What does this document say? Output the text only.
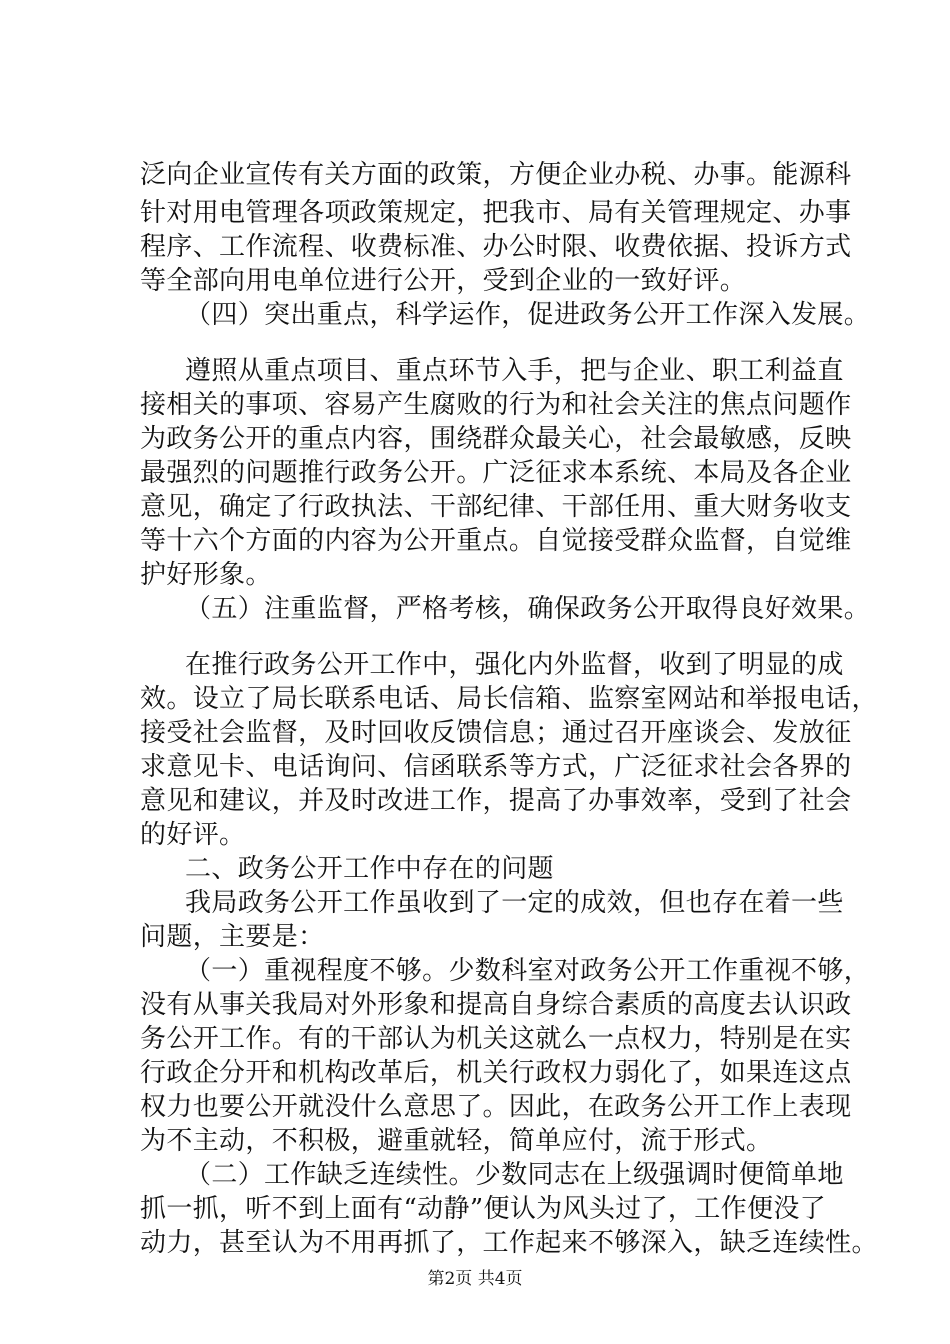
泛向企业宣传有关方面的政策，方便企业办税、办事。能源科
针对用电管理各项政策规定，把我市、局有关管理规定、办事
程序、工作流程、收费标准、办公时限、收费依据、投诉方式
等全部向用电单位进行公开，受到企业的一致好评。
（四）突出重点，科学运作，促进政务公开工作深入发展。
遵照从重点项目、重点环节入手，把与企业、职工利益直
接相关的事项、容易产生腐败的行为和社会关注的焦点问题作
为政务公开的重点内容，围绕群众最关心，社会最敏感，反映
最强烈的问题推行政务公开。广泛征求本系统、本局及各企业
意见，确定了行政执法、干部纪律、干部任用、重大财务收支
等十六个方面的内容为公开重点。自觉接受群众监督，自觉维
护好形象。
（五）注重监督，严格考核，确保政务公开取得良好效果。
在推行政务公开工作中，强化内外监督，收到了明显的成
效。设立了局长联系电话、局长信箱、监察室网站和举报电话，
接受社会监督，及时回收反馈信息；通过召开座谈会、发放征
求意见卡、电话询问、信函联系等方式，广泛征求社会各界的
意见和建议，并及时改进工作，提高了办事效率，受到了社会
的好评。
二、政务公开工作中存在的问题
我局政务公开工作虽收到了一定的成效，但也存在着一些
问题，主要是：
（一）重视程度不够。少数科室对政务公开工作重视不够，
没有从事关我局对外形象和提高自身综合素质的高度去认识政
务公开工作。有的干部认为机关这就么一点权力，特别是在实
行政企分开和机构改革后，机关行政权力弱化了，如果连这点
权力也要公开就没什么意思了。因此，在政务公开工作上表现
为不主动，不积极，避重就轻，简单应付，流于形式。
（二）工作缺乏连续性。少数同志在上级强调时便简单地
抓一抓，听不到上面有“动静”便认为风头过了，工作便没了
动力，甚至认为不用再抓了，工作起来不够深入，缺乏连续性。
第2页 共4页
